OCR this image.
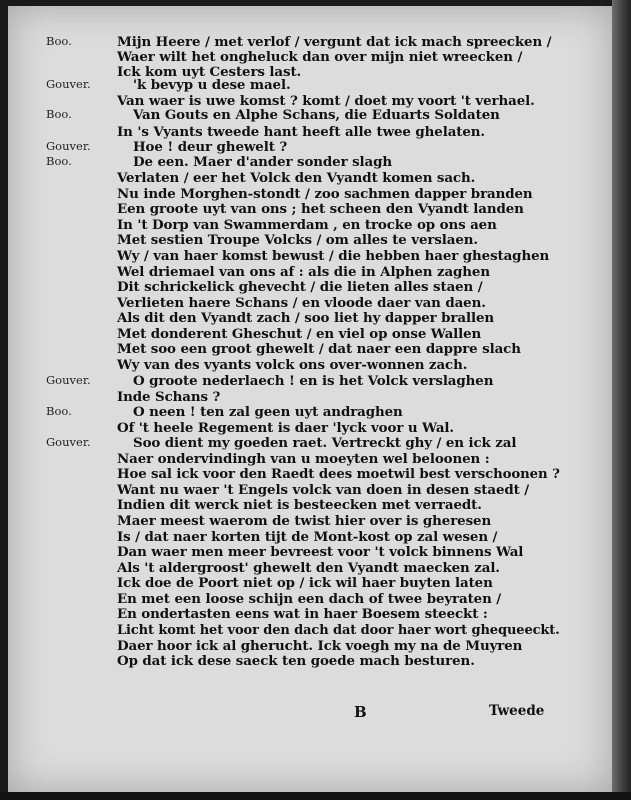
Boo.	Mijn Heere / met verlof / vergunt dat ick mach spreecken /
Waer wilt het ongheluck dan over mijn niet wreecken /
Ick kom uyt Cesters last.
Gouver.	'k bevyp u dese mael.
Van waer is uwe komst ? komt / doet my voort 't verhael.
Boo.	Van Gouts en Alphe Schans, die Eduarts Soldaten
In 's Vyants tweede hant heeft alle twee ghelaten.
Gouver.	Hoe ! deur ghewelt ?
Boo.	De een. Maer d'ander sonder slagh
Verlaten / eer het Volck den Vyandt komen sach.
Nu inde Morghen-stondt / zoo sachmen dapper branden
Een groote uyt van ons ; het scheen den Vyandt landen
In 't Dorp van Swammerdam , en trocke op ons aen
Met sestien Troupe Volcks / om alles te verslaen.
Wy / van haer komst bewust / die hebben haer ghestaghen
Wel driemael van ons af : als die in Alphen zaghen
Dit schrickelick ghevecht / die lieten alles staen /
Verlieten haere Schans / en vloode daer van daen.
Als dit den Vyandt zach / soo liet hy dapper brallen
Met donderent Gheschut / en viel op onse Wallen
Met soo een groot ghewelt / dat naer een dappre slach
Wy van des vyants volck ons over-wonnen zach.
Gouver.	O groote nederlaech ! en is het Volck verslaghen
Inde Schans ?
Boo.	O neen ! ten zal geen uyt andraghen
Of 't heele Regement is daer 'lyck voor u Wal.
Gouver.	Soo dient my goeden raet. Vertreckt ghy / en ick zal
Naer ondervindingh van u moeyten wel beloonen :
Hoe sal ick voor den Raedt dees moetwil best verschoonen ?
Want nu waer 't Engels volck van doen in desen staedt /
Indien dit werck niet is besteecken met verraedt.
Maer meest waerom de twist hier over is gheresen
Is / dat naer korten tijt de Mont-kost op zal wesen /
Dan waer men meer bevreest voor 't volck binnens Wal
Als 't aldergroost' ghewelt den Vyandt maecken zal.
Ick doe de Poort niet op / ick wil haer buyten laten
En met een loose schijn een dach of twee beyraten /
En ondertasten eens wat in haer Boesem steeckt :
Licht komt het voor den dach dat door haer wort ghequeeckt.
Daer hoor ick al gherucht. Ick voegh my na de Muyren
Op dat ick dese saeck ten goede mach besturen.
B	Tweede
